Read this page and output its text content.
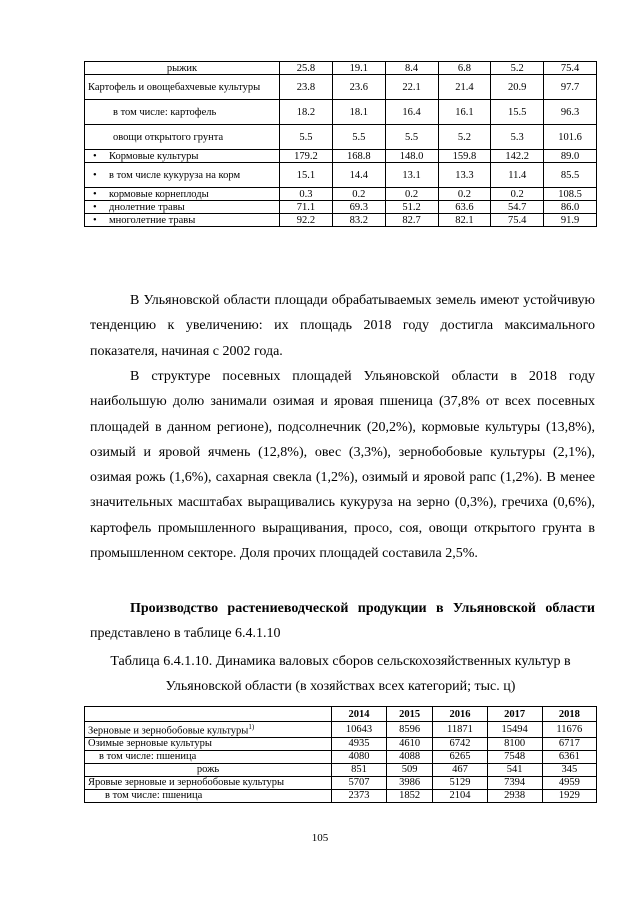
рыжик	25.8	19.1	8.4	6.8	5.2	75.4
Картофель и овощебахчевые культуры	23.8	23.6	22.1	21.4	20.9	97.7
в том числе: картофель	18.2	18.1	16.4	16.1	15.5	96.3
овощи открытого грунта	5.5	5.5	5.5	5.2	5.3	101.6
• Кормовые культуры	179.2	168.8	148.0	159.8	142.2	89.0
• в том числе кукуруза на корм	15.1	14.4	13.1	13.3	11.4	85.5
• кормовые корнеплоды	0.3	0.2	0.2	0.2	0.2	108.5
• днолетние травы	71.1	69.3	51.2	63.6	54.7	86.0
• многолетние травы	92.2	83.2	82.7	82.1	75.4	91.9
В Ульяновской области площади обрабатываемых земель имеют устойчивую тенденцию к увеличению: их площадь 2018 году достигла максимального показателя, начиная с 2002 года.
В структуре посевных площадей Ульяновской области в 2018 году наибольшую долю занимали озимая и яровая пшеница (37,8% от всех посевных площадей в данном регионе), подсолнечник (20,2%), кормовые культуры (13,8%), озимый и яровой ячмень (12,8%), овес (3,3%), зернобобовые культуры (2,1%), озимая рожь (1,6%), сахарная свекла (1,2%), озимый и яровой рапс (1,2%). В менее значительных масштабах выращивались кукуруза на зерно (0,3%), гречиха (0,6%), картофель промышленного выращивания, просо, соя, овощи открытого грунта в промышленном секторе. Доля прочих площадей составила 2,5%.
Производство растениеводческой продукции в Ульяновской области представлено в таблице 6.4.1.10
Таблица 6.4.1.10. Динамика валовых сборов сельскохозяйственных культур в
Ульяновской области (в хозяйствах всех категорий; тыс. ц)
	2014	2015	2016	2017	2018
Зерновые и зернобобовые культуры$^{1)}$	10643	8596	11871	15494	11676
Озимые зерновые культуры	4935	4610	6742	8100	6717
в том числе: пшеница	4080	4088	6265	7548	6361
рожь	851	509	467	541	345
Яровые зерновые и зернобобовые культуры	5707	3986	5129	7394	4959
в том числе: пшеница	2373	1852	2104	2938	1929
105
